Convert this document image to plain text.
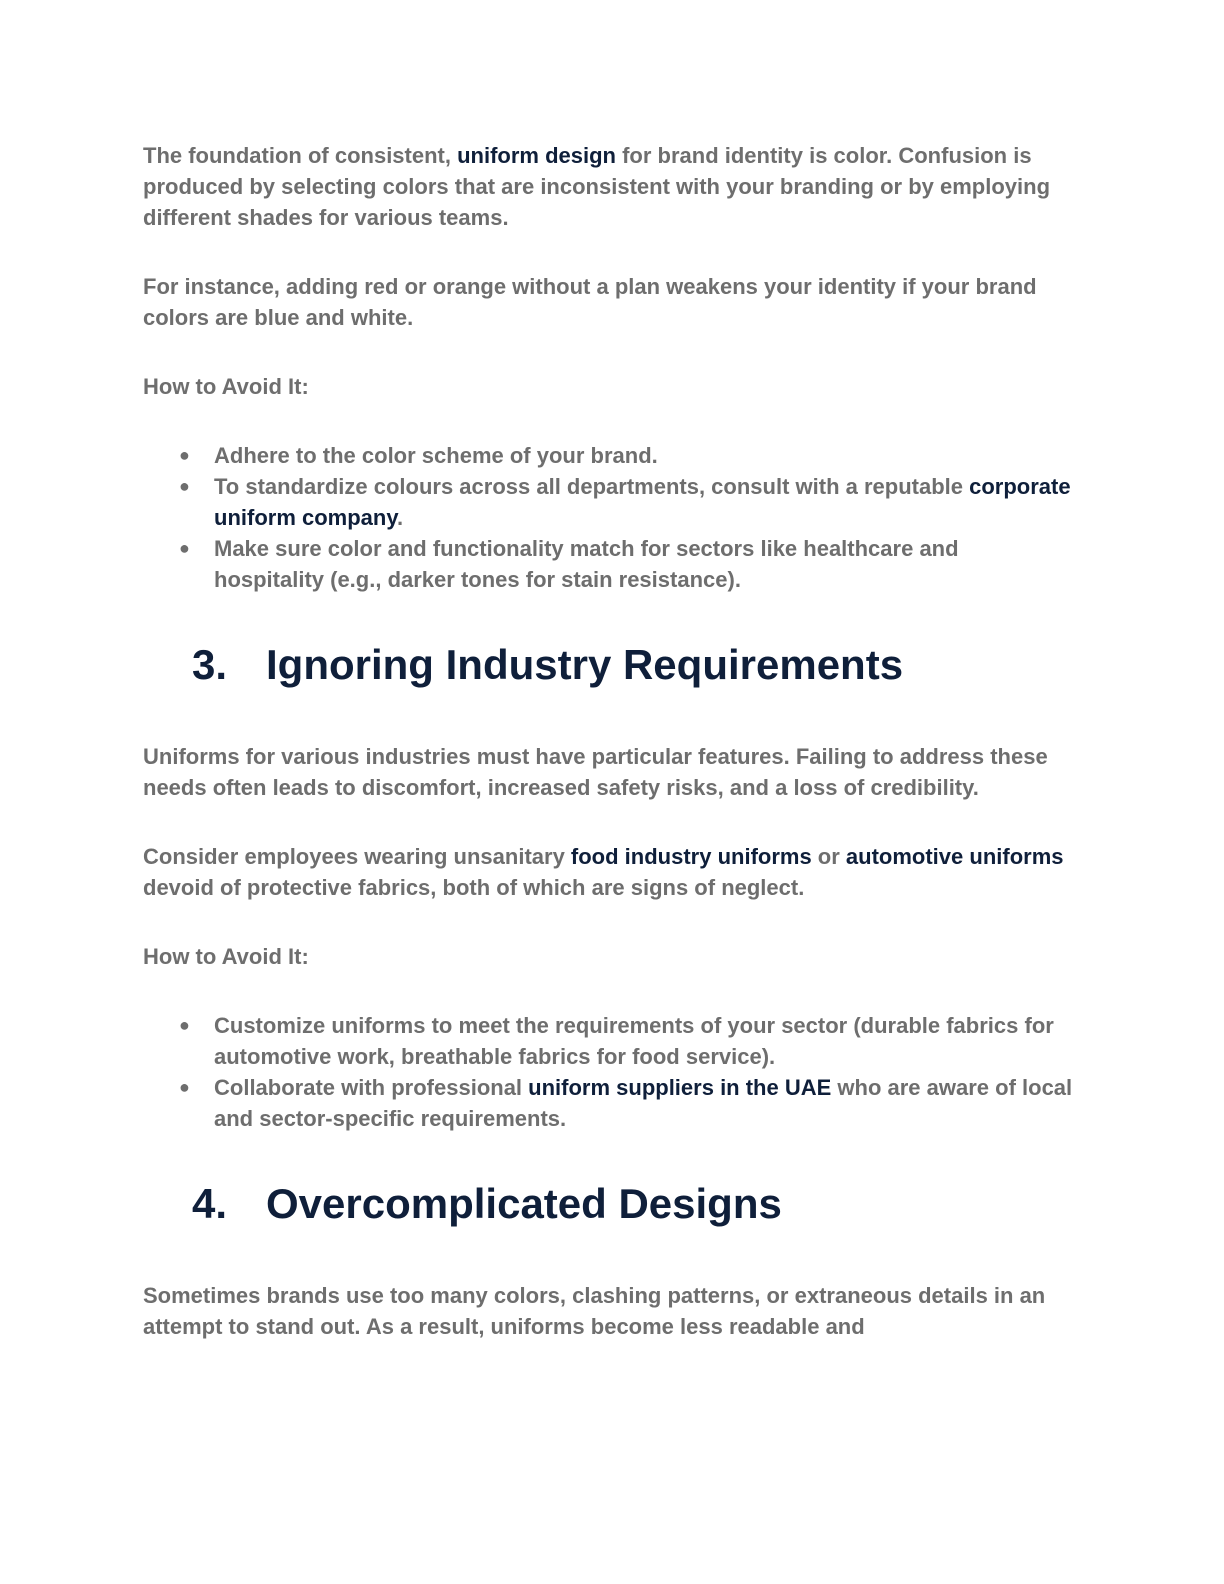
The foundation of consistent, uniform design for brand identity is color. Confusion is produced by selecting colors that are inconsistent with your branding or by employing different shades for various teams.

For instance, adding red or orange without a plan weakens your identity if your brand colors are blue and white.

How to Avoid It:

● Adhere to the color scheme of your brand.
● To standardize colours across all departments, consult with a reputable corporate uniform company.
● Make sure color and functionality match for sectors like healthcare and hospitality (e.g., darker tones for stain resistance).
3. Ignoring Industry Requirements

Uniforms for various industries must have particular features. Failing to address these needs often leads to discomfort, increased safety risks, and a loss of credibility.

Consider employees wearing unsanitary food industry uniforms or automotive uniforms devoid of protective fabrics, both of which are signs of neglect.

How to Avoid It:

● Customize uniforms to meet the requirements of your sector (durable fabrics for automotive work, breathable fabrics for food service).
● Collaborate with professional uniform suppliers in the UAE who are aware of local and sector-specific requirements.
4. Overcomplicated Designs

Sometimes brands use too many colors, clashing patterns, or extraneous details in an attempt to stand out. As a result, uniforms become less readable and
